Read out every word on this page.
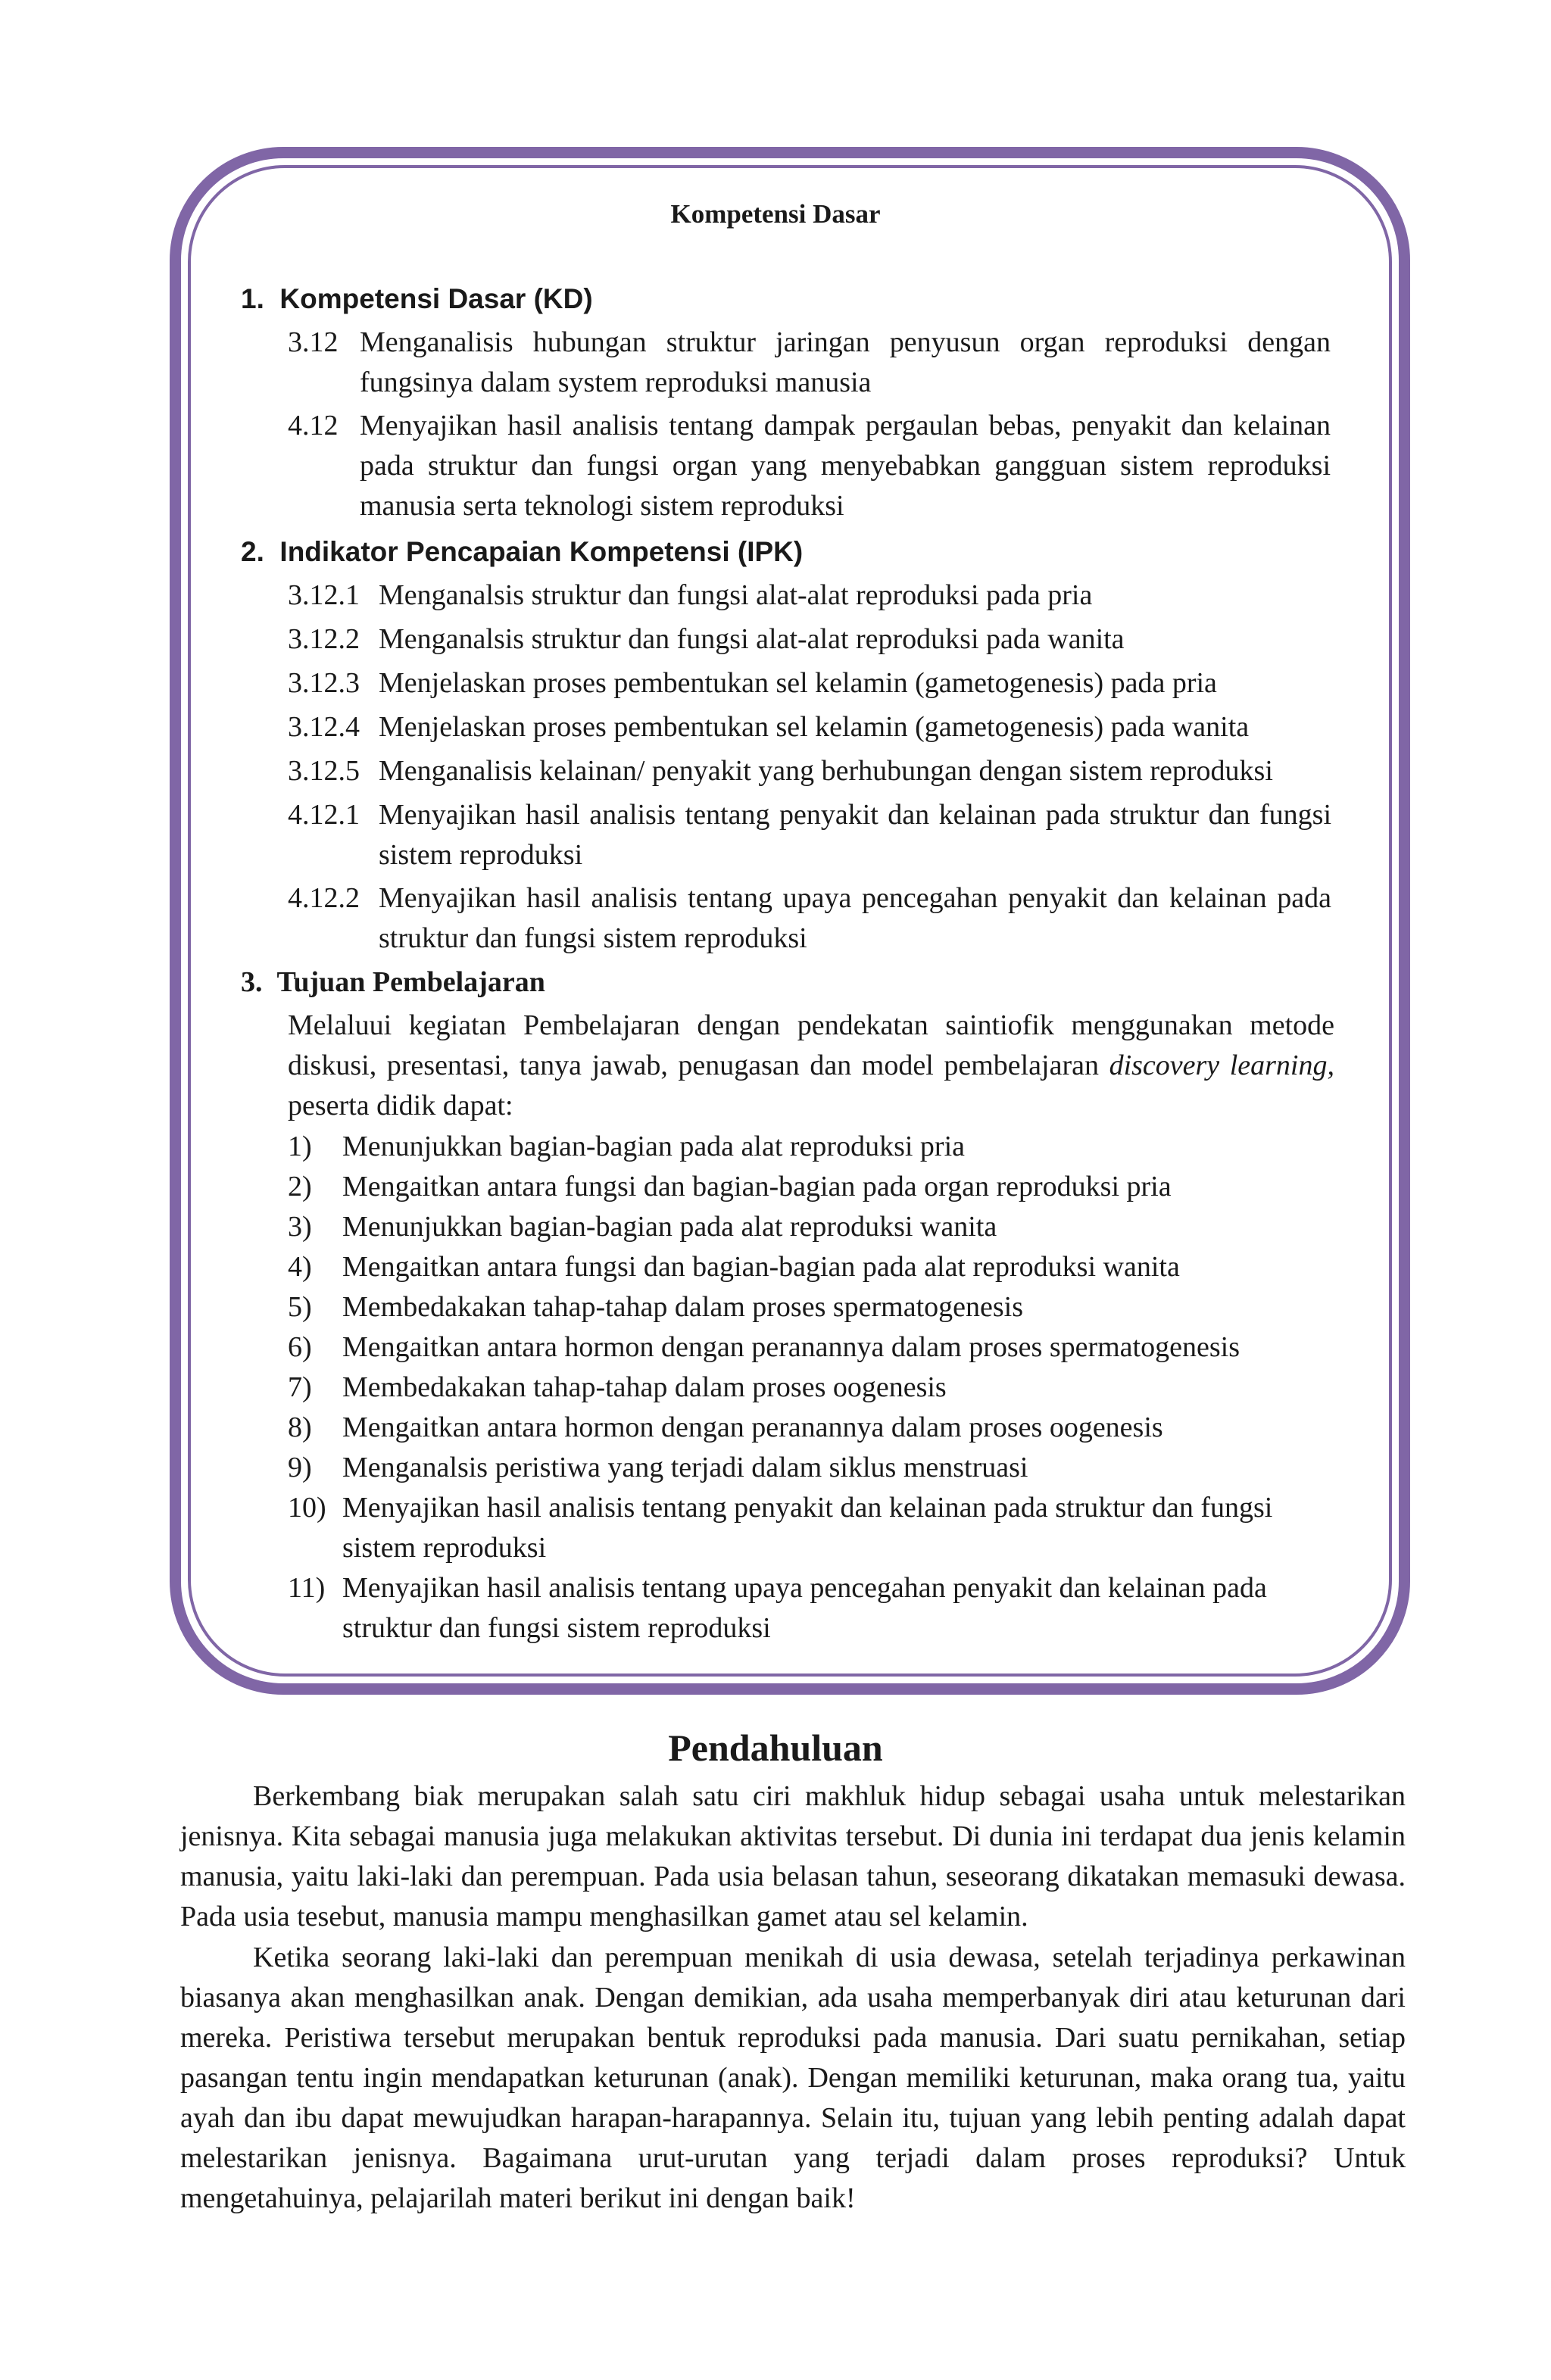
Kompetensi Dasar
1. Kompetensi Dasar (KD)
3.12 Menganalisis hubungan struktur jaringan penyusun organ reproduksi dengan fungsinya dalam system reproduksi manusia
4.12 Menyajikan hasil analisis tentang dampak pergaulan bebas, penyakit dan kelainan pada struktur dan fungsi organ yang menyebabkan gangguan sistem reproduksi manusia serta teknologi sistem reproduksi
2. Indikator Pencapaian Kompetensi (IPK)
3.12.1 Menganalsis struktur dan fungsi alat-alat reproduksi pada pria
3.12.2 Menganalsis struktur dan fungsi alat-alat reproduksi pada wanita
3.12.3 Menjelaskan proses pembentukan sel kelamin (gametogenesis) pada pria
3.12.4 Menjelaskan proses pembentukan sel kelamin (gametogenesis) pada wanita
3.12.5 Menganalisis kelainan/ penyakit yang berhubungan dengan sistem reproduksi
4.12.1 Menyajikan hasil analisis tentang penyakit dan kelainan pada struktur dan fungsi sistem reproduksi
4.12.2 Menyajikan hasil analisis tentang upaya pencegahan penyakit dan kelainan pada struktur dan fungsi sistem reproduksi
3. Tujuan Pembelajaran
Melaluui kegiatan Pembelajaran dengan pendekatan saintiofik menggunakan metode diskusi, presentasi, tanya jawab, penugasan dan model pembelajaran discovery learning, peserta didik dapat:
1) Menunjukkan bagian-bagian pada alat reproduksi pria
2) Mengaitkan antara fungsi dan bagian-bagian pada organ reproduksi pria
3) Menunjukkan bagian-bagian pada alat reproduksi wanita
4) Mengaitkan antara fungsi dan bagian-bagian pada alat reproduksi wanita
5) Membedakakan tahap-tahap dalam proses spermatogenesis
6) Mengaitkan antara hormon dengan peranannya dalam proses spermatogenesis
7) Membedakakan tahap-tahap dalam proses oogenesis
8) Mengaitkan antara hormon dengan peranannya dalam proses oogenesis
9) Menganalsis peristiwa yang terjadi dalam siklus menstruasi
10) Menyajikan hasil analisis tentang penyakit dan kelainan pada struktur dan fungsi sistem reproduksi
11) Menyajikan hasil analisis tentang upaya pencegahan penyakit dan kelainan pada struktur dan fungsi sistem reproduksi
Pendahuluan
Berkembang biak merupakan salah satu ciri makhluk hidup sebagai usaha untuk melestarikan jenisnya. Kita sebagai manusia juga melakukan aktivitas tersebut. Di dunia ini terdapat dua jenis kelamin manusia, yaitu laki-laki dan perempuan. Pada usia belasan tahun, seseorang dikatakan memasuki dewasa. Pada usia tesebut, manusia mampu menghasilkan gamet atau sel kelamin.
Ketika seorang laki-laki dan perempuan menikah di usia dewasa, setelah terjadinya perkawinan biasanya akan menghasilkan anak. Dengan demikian, ada usaha memperbanyak diri atau keturunan dari mereka. Peristiwa tersebut merupakan bentuk reproduksi pada manusia. Dari suatu pernikahan, setiap pasangan tentu ingin mendapatkan keturunan (anak). Dengan memiliki keturunan, maka orang tua, yaitu ayah dan ibu dapat mewujudkan harapan-harapannya. Selain itu, tujuan yang lebih penting adalah dapat melestarikan jenisnya. Bagaimana urut-urutan yang terjadi dalam proses reproduksi? Untuk mengetahuinya, pelajarilah materi berikut ini dengan baik!
